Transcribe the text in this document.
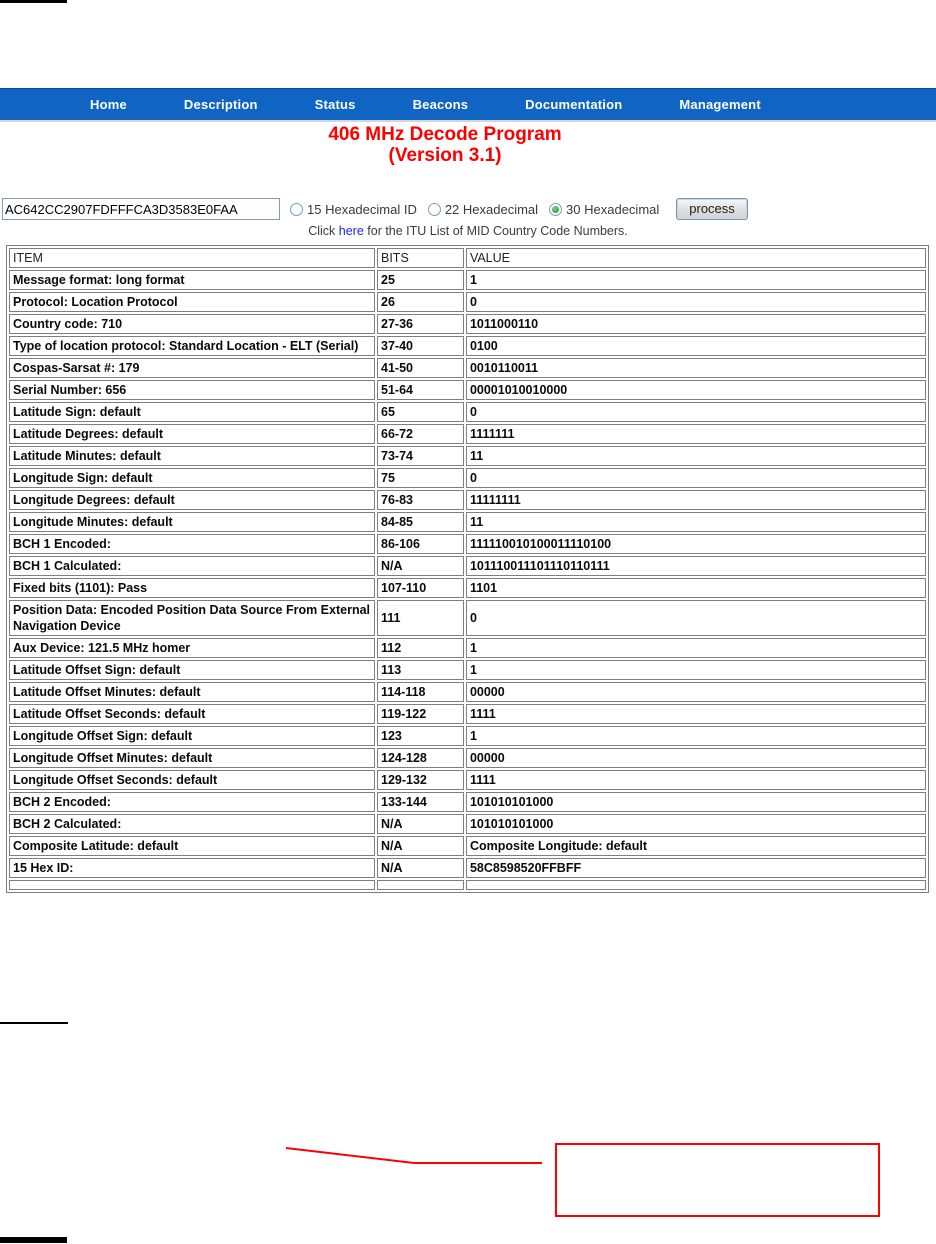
Home	Description	Status	Beacons	Documentation	Management
406 MHz Decode Program
(Version 3.1)
AC642CC2907FDFFFCA3D3583E0FAA
15 Hexadecimal ID 22 Hexadecimal 30 Hexadecimal	process
Click here for the ITU List of MID Country Code Numbers.
ITEM	BITS	VALUE
Message format: long format	25	1
Protocol: Location Protocol	26	0
Country code: 710	27-36	1011000110
Type of location protocol: Standard Location - ELT (Serial)	37-40	0100
Cospas-Sarsat #: 179	41-50	0010110011
Serial Number: 656	51-64	00001010010000
Latitude Sign: default	65	0
Latitude Degrees: default	66-72	1111111
Latitude Minutes: default	73-74	11
Longitude Sign: default	75	0
Longitude Degrees: default	76-83	11111111
Longitude Minutes: default	84-85	11
BCH 1 Encoded:	86-106	111110010100011110100
BCH 1 Calculated:	N/A	101110011101110110111
Fixed bits (1101): Pass	107-110	1101
Position Data: Encoded Position Data Source From External Navigation Device	111	0
Aux Device: 121.5 MHz homer	112	1
Latitude Offset Sign: default	113	1
Latitude Offset Minutes: default	114-118	00000
Latitude Offset Seconds: default	119-122	1111
Longitude Offset Sign: default	123	1
Longitude Offset Minutes: default	124-128	00000
Longitude Offset Seconds: default	129-132	1111
BCH 2 Encoded:	133-144	101010101000
BCH 2 Calculated:	N/A	101010101000
Composite Latitude: default	N/A	Composite Longitude: default
15 Hex ID:	N/A	58C8598520FFBFF
